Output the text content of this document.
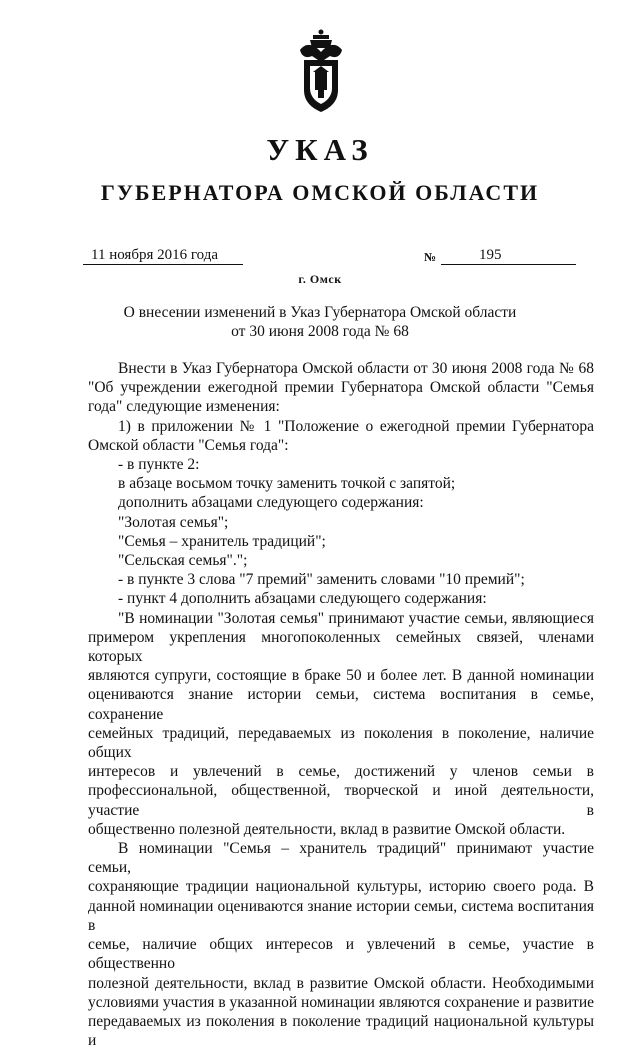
УКАЗ
ГУБЕРНАТОРА ОМСКОЙ ОБЛАСТИ
11 ноября 2016 года	№	195
г. Омск
О внесении изменений в Указ Губернатора Омской области
от 30 июня 2008 года № 68

Внести в Указ Губернатора Омской области от 30 июня 2008 года № 68

"Об учреждении ежегодной премии Губернатора Омской области "Семья

года" следующие изменения:

1) в приложении № 1 "Положение о ежегодной премии Губернатора

Омской области "Семья года":

- в пункте 2:

в абзаце восьмом точку заменить точкой с запятой;

дополнить абзацами следующего содержания:

"Золотая семья";

"Семья – хранитель традиций";

"Сельская семья".";

- в пункте 3 слова "7 премий" заменить словами "10 премий";

- пункт 4 дополнить абзацами следующего содержания:

"В номинации "Золотая семья" принимают участие семьи, являющиеся

примером укрепления многопоколенных семейных связей, членами которых

являются супруги, состоящие в браке 50 и более лет. В данной номинации

оцениваются знание истории семьи, система воспитания в семье, сохранение

семейных традиций, передаваемых из поколения в поколение, наличие общих

интересов и увлечений в семье, достижений у членов семьи в

профессиональной, общественной, творческой и иной деятельности, участие в

общественно полезной деятельности, вклад в развитие Омской области.

В номинации "Семья – хранитель традиций" принимают участие семьи,

сохраняющие традиции национальной культуры, историю своего рода. В

данной номинации оцениваются знание истории семьи, система воспитания в

семье, наличие общих интересов и увлечений в семье, участие в общественно

полезной деятельности, вклад в развитие Омской области. Необходимыми

условиями участия в указанной номинации являются сохранение и развитие

передаваемых из поколения в поколение традиций национальной культуры и
